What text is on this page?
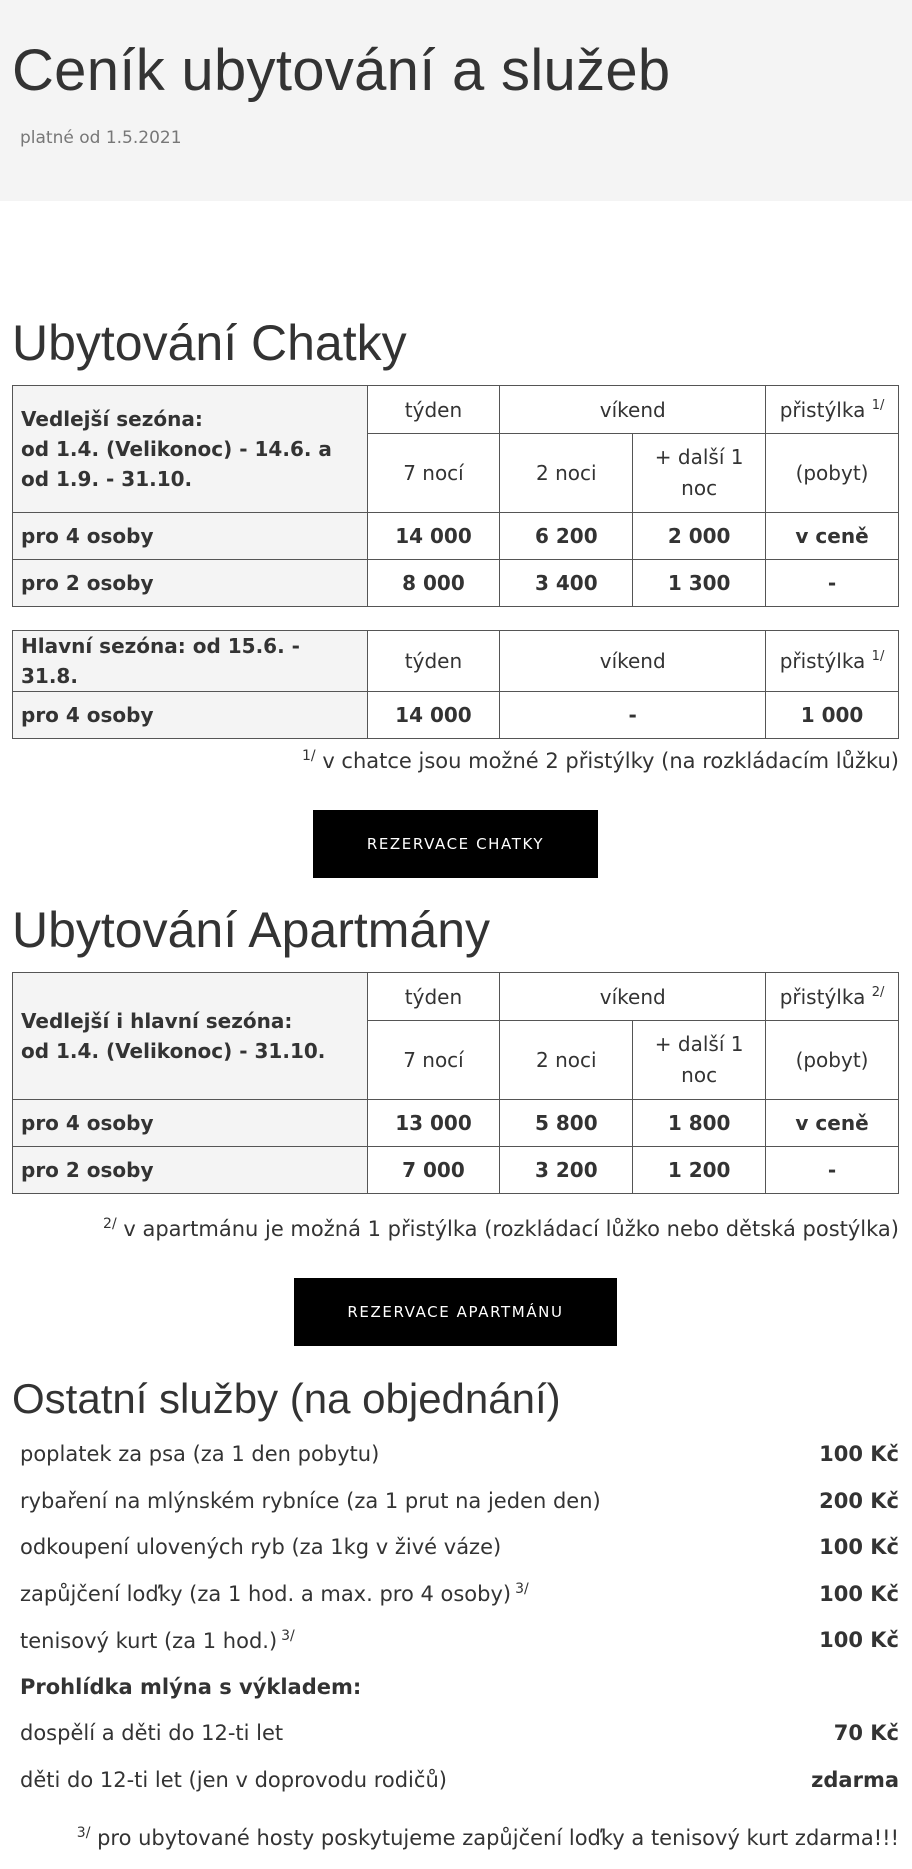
Ceník ubytování a služeb
platné od 1.5.2021
Ubytování Chatky
Vedlejší sezóna:
od 1.4. (Velikonoc) - 14.6. a od 1.9. - 31.10.	týden	víkend		přistýlka $^{1/}$
	7 nocí	2 noci	+ další 1 noc	(pobyt)
pro 4 osoby	14 000	6 200	2 000	v ceně
pro 2 osoby	8 000	3 400	1 300	-
Hlavní sezóna: od 15.6. - 31.8.	týden	víkend	přistýlka $^{1/}$
pro 4 osoby	14 000	-	1 000
$^{1/}$ v chatce jsou možné 2 přistýlky (na rozkládacím lůžku)
REZERVACE CHATKY
Ubytování Apartmány
Vedlejší i hlavní sezóna:
od 1.4. (Velikonoc) - 31.10.	týden	víkend		přistýlka $^{2/}$
	7 nocí	2 noci	+ další 1 noc	(pobyt)
pro 4 osoby	13 000	5 800	1 800	v ceně
pro 2 osoby	7 000	3 200	1 200	-
$^{2/}$ v apartmánu je možná 1 přistýlka (rozkládací lůžko nebo dětská postýlka)
REZERVACE APARTMÁNU
Ostatní služby (na objednání)
poplatek za psa (za 1 den pobytu)	100 Kč
rybaření na mlýnském rybníce (za 1 prut na jeden den)	200 Kč
odkoupení ulovených ryb (za 1kg v živé váze)	100 Kč
zapůjčení loďky (za 1 hod. a max. pro 4 osoby) $^{3/}$	100 Kč
tenisový kurt (za 1 hod.) $^{3/}$	100 Kč
Prohlídka mlýna s výkladem:
dospělí a děti do 12-ti let	70 Kč
děti do 12-ti let (jen v doprovodu rodičů)	zdarma
$^{3/}$ pro ubytované hosty poskytujeme zapůjčení loďky a tenisový kurt zdarma!!!
